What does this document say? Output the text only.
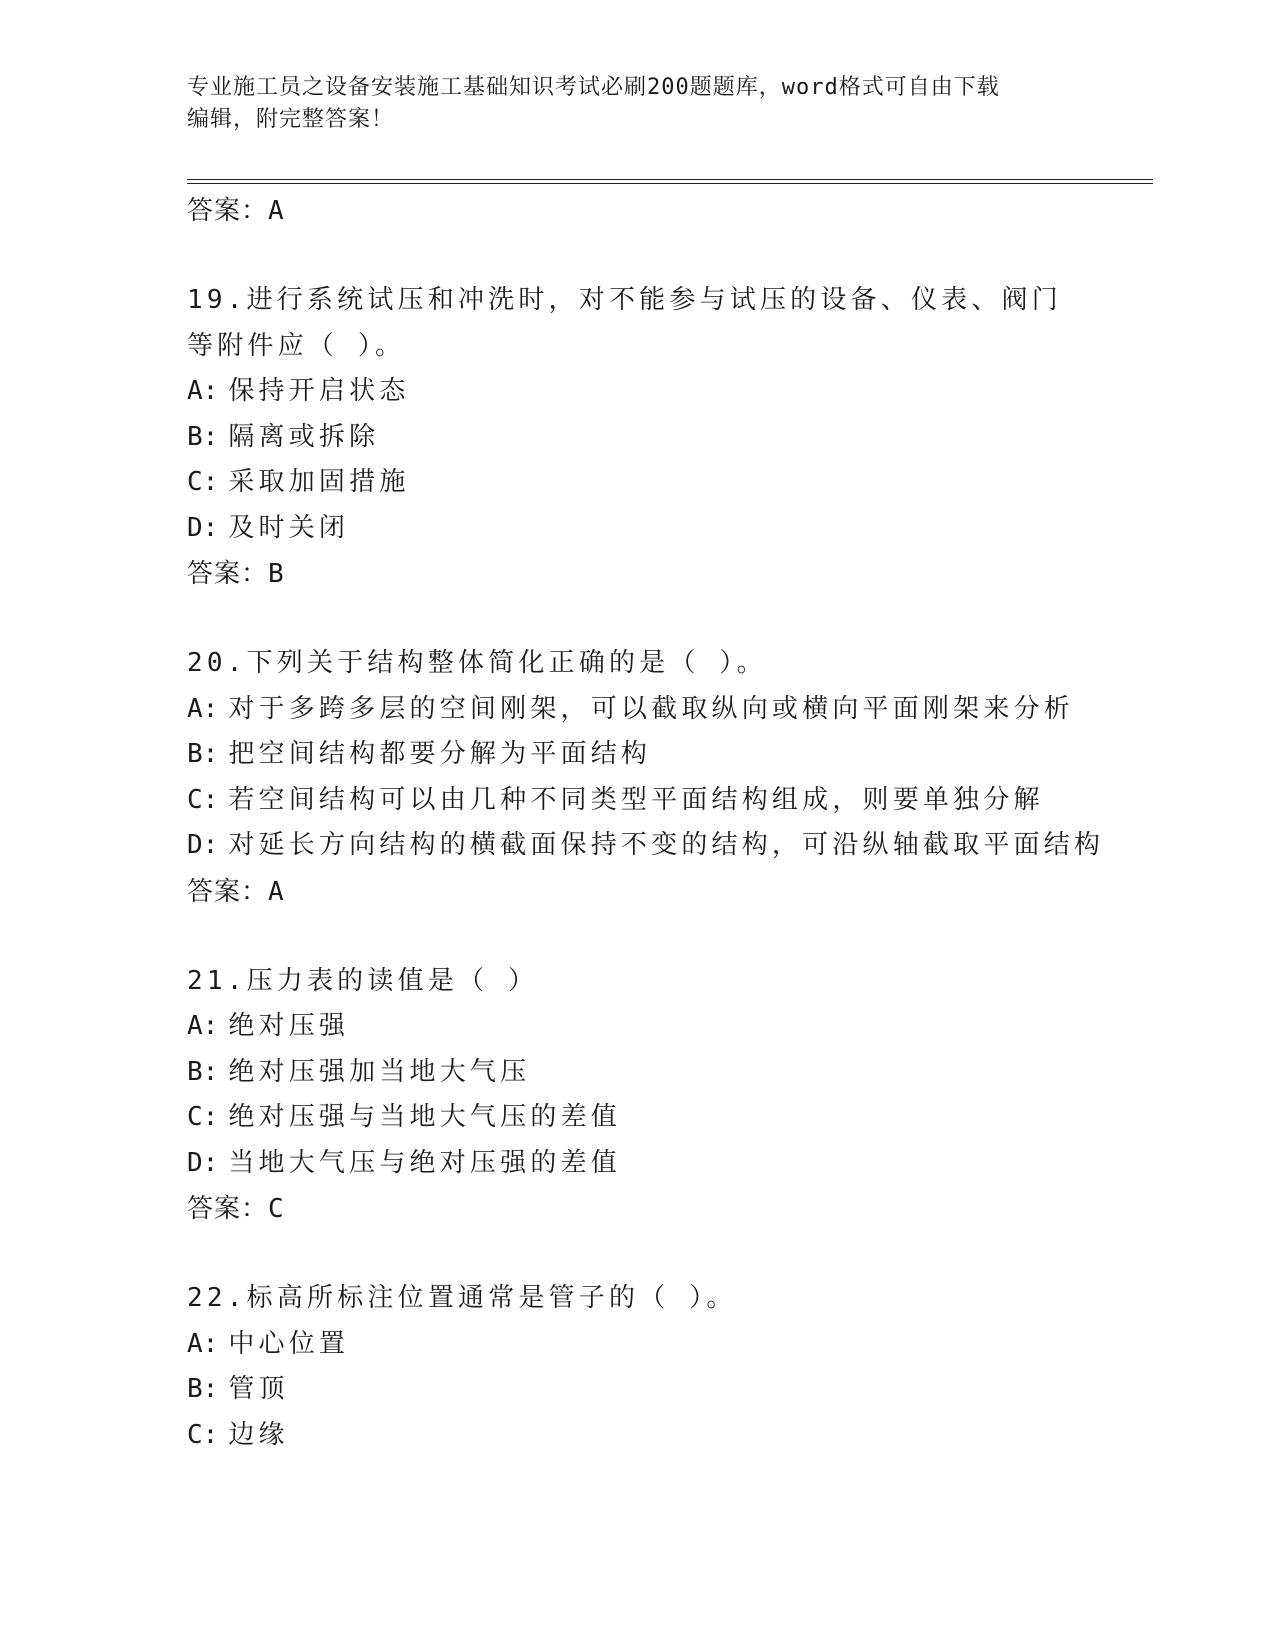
专业施工员之设备安装施工基础知识考试必刷200题题库，word格式可自由下载
编辑，附完整答案！
答案：A
19.进行系统试压和冲洗时，对不能参与试压的设备、仪表、阀门等附件应（ ）。
A: 保持开启状态
B: 隔离或拆除
C: 采取加固措施
D: 及时关闭
答案：B
20.下列关于结构整体简化正确的是（ ）。
A: 对于多跨多层的空间刚架，可以截取纵向或横向平面刚架来分析
B: 把空间结构都要分解为平面结构
C: 若空间结构可以由几种不同类型平面结构组成，则要单独分解
D: 对延长方向结构的横截面保持不变的结构，可沿纵轴截取平面结构
答案：A
21.压力表的读值是（ ）
A: 绝对压强
B: 绝对压强加当地大气压
C: 绝对压强与当地大气压的差值
D: 当地大气压与绝对压强的差值
答案：C
22.标高所标注位置通常是管子的（ ）。
A: 中心位置
B: 管顶
C: 边缘
